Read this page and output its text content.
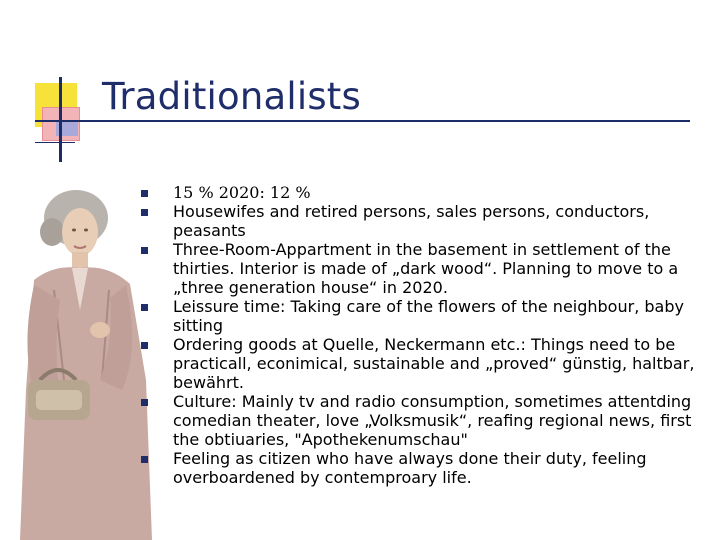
Traditionalists
15 % 2020: 12 %
Housewifes and retired persons, sales persons, conductors, peasants
Three-Room-Appartment in the basement in settlement of the thirties. Interior is made of „dark wood“. Planning to move to a „three generation house“ in 2020.
Leissure time: Taking care of the flowers of the neighbour, baby sitting
Ordering goods at Quelle, Neckermann etc.: Things need to be practicall, econimical, sustainable and „proved“ günstig, haltbar, bewährt.
Culture: Mainly tv and radio consumption, sometimes attentding comedian theater, love „Volksmusik“, reafing regional news, first the obtiuaries, "Apothekenumschau"
Feeling as citizen who have always done their duty, feeling overboardened by contemproary life.
